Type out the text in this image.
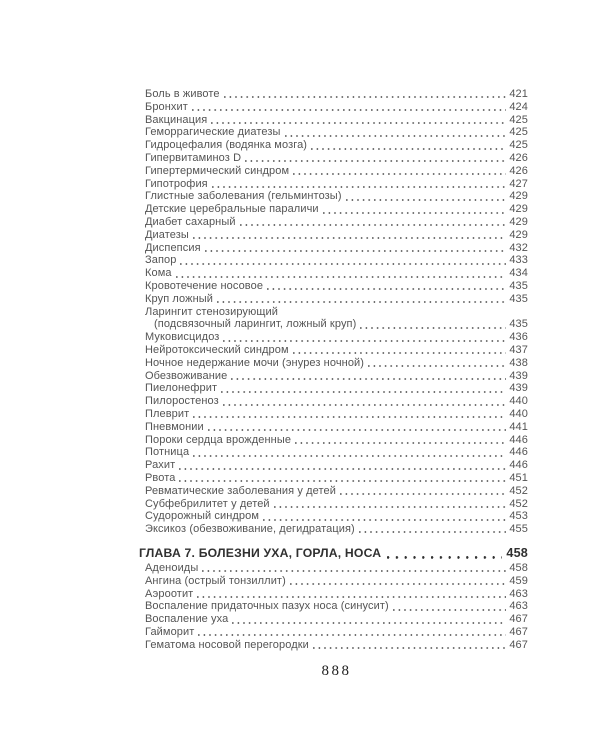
Боль в животе	421
Бронхит	424
Вакцинация	425
Геморрагические диатезы	425
Гидроцефалия (водянка мозга)	425
Гипервитаминоз D	426
Гипертермический синдром	426
Гипотрофия	427
Глистные заболевания (гельминтозы)	429
Детские церебральные параличи	429
Диабет сахарный	429
Диатезы	429
Диспепсия	432
Запор	433
Кома	434
Кровотечение носовое	435
Круп ложный	435
Ларингит стенозирующий
(подсвязочный ларингит, ложный круп)	435
Муковисцидоз	436
Нейротоксический синдром	437
Ночное недержание мочи (энурез ночной)	438
Обезвоживание	439
Пиелонефрит	439
Пилоростеноз	440
Плеврит	440
Пневмонии	441
Пороки сердца врожденные	446
Потница	446
Рахит	446
Рвота	451
Ревматические заболевания у детей	452
Субфебрилитет у детей	452
Судорожный синдром	453
Эксикоз (обезвоживание, дегидратация)	455
ГЛАВА 7. БОЛЕЗНИ УХА, ГОРЛА, НОСА	458
Аденоиды	458
Ангина (острый тонзиллит)	459
Аэроотит	463
Воспаление придаточных пазух носа (синусит)	463
Воспаление уха	467
Гайморит	467
Гематома носовой перегородки	467
888
